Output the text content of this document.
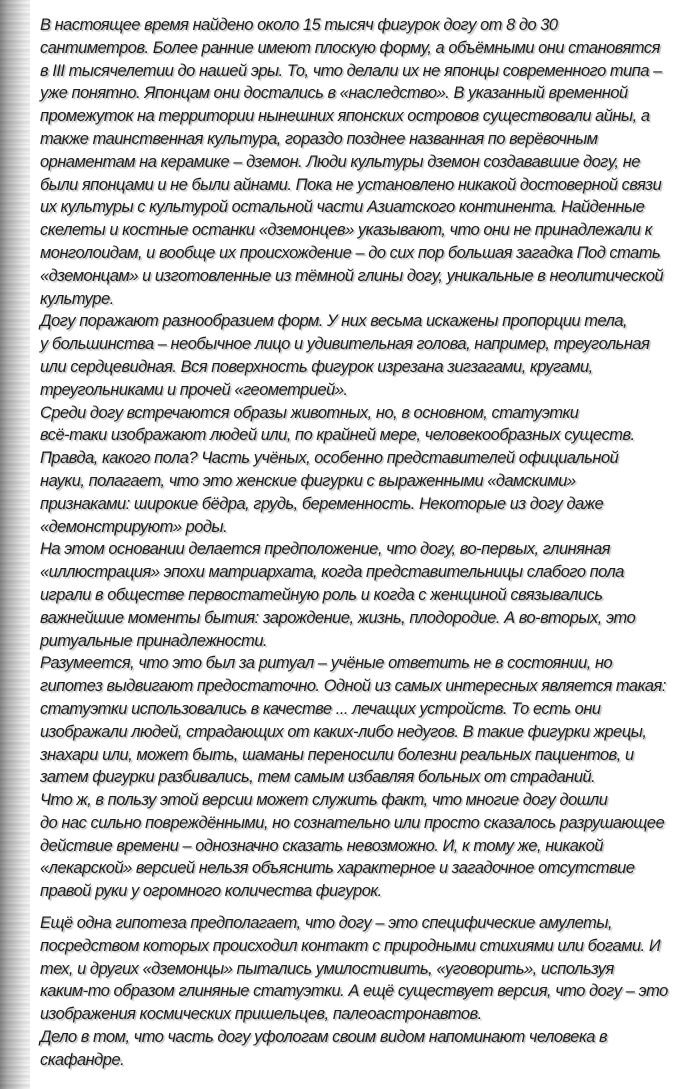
В настоящее время найдено около 15 тысяч фигурок догу от 8 до 30
сантиметров. Более ранние имеют плоскую форму, а объёмными они становятся
в III тысячелетии до нашей эры. То, что делали их не японцы современного типа –
уже понятно. Японцам они достались в «наследство». В указанный временной
промежуток на территории нынешних японских островов существовали айны, а
также таинственная культура, гораздо позднее названная по верёвочным
орнаментам на керамике – дземон. Люди культуры дземон создававшие догу, не
были японцами и не были айнами. Пока не установлено никакой достоверной связи
их культуры с культурой остальной части Азиатского континента. Найденные
скелеты и костные останки «дземонцев» указывают, что они не принадлежали к
монголоидам, и вообще их происхождение – до сих пор большая загадка Под стать
«дземонцам» и изготовленные из тёмной глины догу, уникальные в неолитической
культуре.

Догу поражают разнообразием форм. У них весьма искажены пропорции тела,
у большинства – необычное лицо и удивительная голова, например, треугольная
или сердцевидная. Вся поверхность фигурок изрезана зигзагами, кругами,
треугольниками и прочей «геометрией».

Среди догу встречаются образы животных, но, в основном, статуэтки
всё-таки изображают людей или, по крайней мере, человекообразных существ.
Правда, какого пола? Часть учёных, особенно представителей официальной
науки, полагает, что это женские фигурки с выраженными «дамскими»
признаками: широкие бёдра, грудь, беременность. Некоторые из догу даже
«демонстрируют» роды.

На этом основании делается предположение, что догу, во-первых, глиняная
«иллюстрация» эпохи матриархата, когда представительницы слабого пола
играли в обществе первостатейную роль и когда с женщиной связывались
важнейшие моменты бытия: зарождение, жизнь, плодородие. А во-вторых, это
ритуальные принадлежности.

Разумеется, что это был за ритуал – учёные ответить не в состоянии, но
гипотез выдвигают предостаточно. Одной из самых интересных является такая:
статуэтки использовались в качестве ... лечащих устройств. То есть они
изображали людей, страдающих от каких-либо недугов. В такие фигурки жрецы,
знахари или, может быть, шаманы переносили болезни реальных пациентов, и
затем фигурки разбивались, тем самым избавляя больных от страданий.

Что ж, в пользу этой версии может служить факт, что многие догу дошли
до нас сильно повреждёнными, но сознательно или просто сказалось разрушающее
действие времени – однозначно сказать невозможно. И, к тому же, никакой
«лекарской» версией нельзя объяснить характерное и загадочное отсутствие
правой руки у огромного количества фигурок.

Ещё одна гипотеза предполагает, что догу – это специфические амулеты,
посредством которых происходил контакт с природными стихиями или богами. И
тех, и других «дземонцы» пытались умилостивить, «уговорить», используя
каким-то образом глиняные статуэтки. А ещё существует версия, что догу – это
изображения космических пришельцев, палеоастронавтов.

Дело в том, что часть догу уфологам своим видом напоминают человека в
скафандре.
